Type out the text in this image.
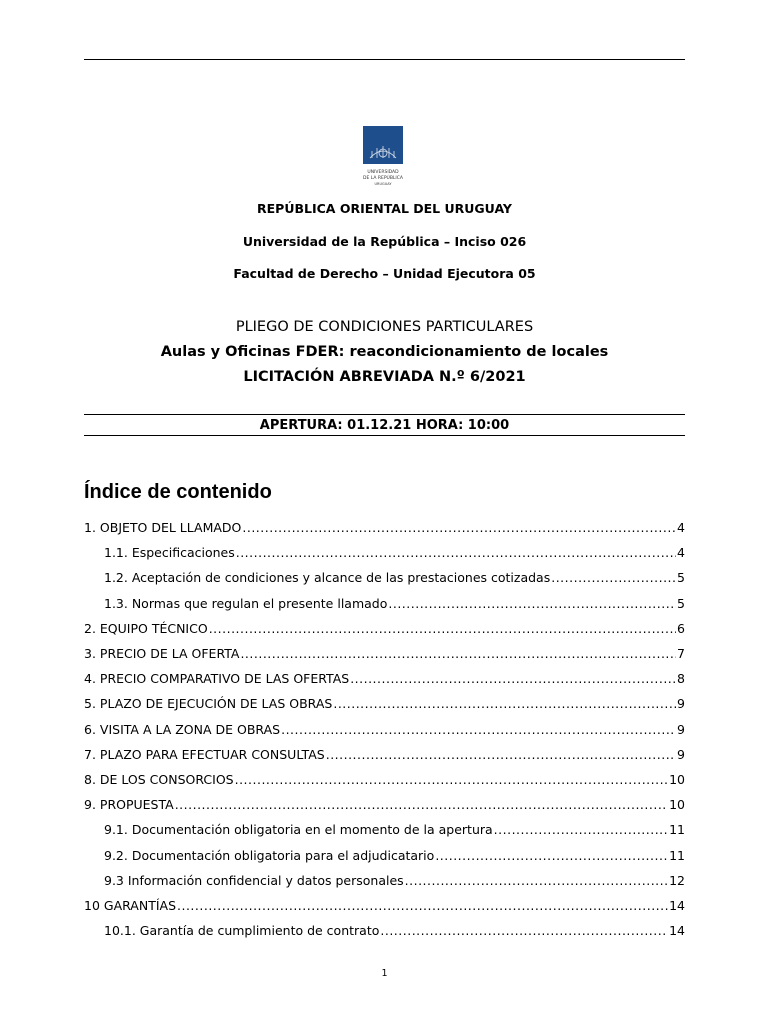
UNIVERSIDAD
DE LA REPÚBLICA
URUGUAY
REPÚBLICA ORIENTAL DEL URUGUAY
Universidad de la República – Inciso 026
Facultad de Derecho – Unidad Ejecutora 05
PLIEGO DE CONDICIONES PARTICULARES
Aulas y Oficinas FDER: reacondicionamiento de locales
LICITACIÓN ABREVIADA N.º 6/2021
APERTURA: 01.12.21 HORA: 10:00
Índice de contenido
1. OBJETO DEL LLAMADO .....	4
1.1. Especificaciones .....	4
1.2. Aceptación de condiciones y alcance de las prestaciones cotizadas .....	5
1.3. Normas que regulan el presente llamado .....	5
2. EQUIPO TÉCNICO .....	6
3. PRECIO DE LA OFERTA .....	7
4. PRECIO COMPARATIVO DE LAS OFERTAS .....	8
5. PLAZO DE EJECUCIÓN DE LAS OBRAS .....	9
6. VISITA A LA ZONA DE OBRAS .....	9
7. PLAZO PARA EFECTUAR CONSULTAS .....	9
8. DE LOS CONSORCIOS .....	10
9. PROPUESTA .....	10
9.1. Documentación obligatoria en el momento de la apertura .....	11
9.2. Documentación obligatoria para el adjudicatario .....	11
9.3 Información confidencial y datos personales .....	12
10 GARANTÍAS .....	14
10.1. Garantía de cumplimiento de contrato .....	14
1
